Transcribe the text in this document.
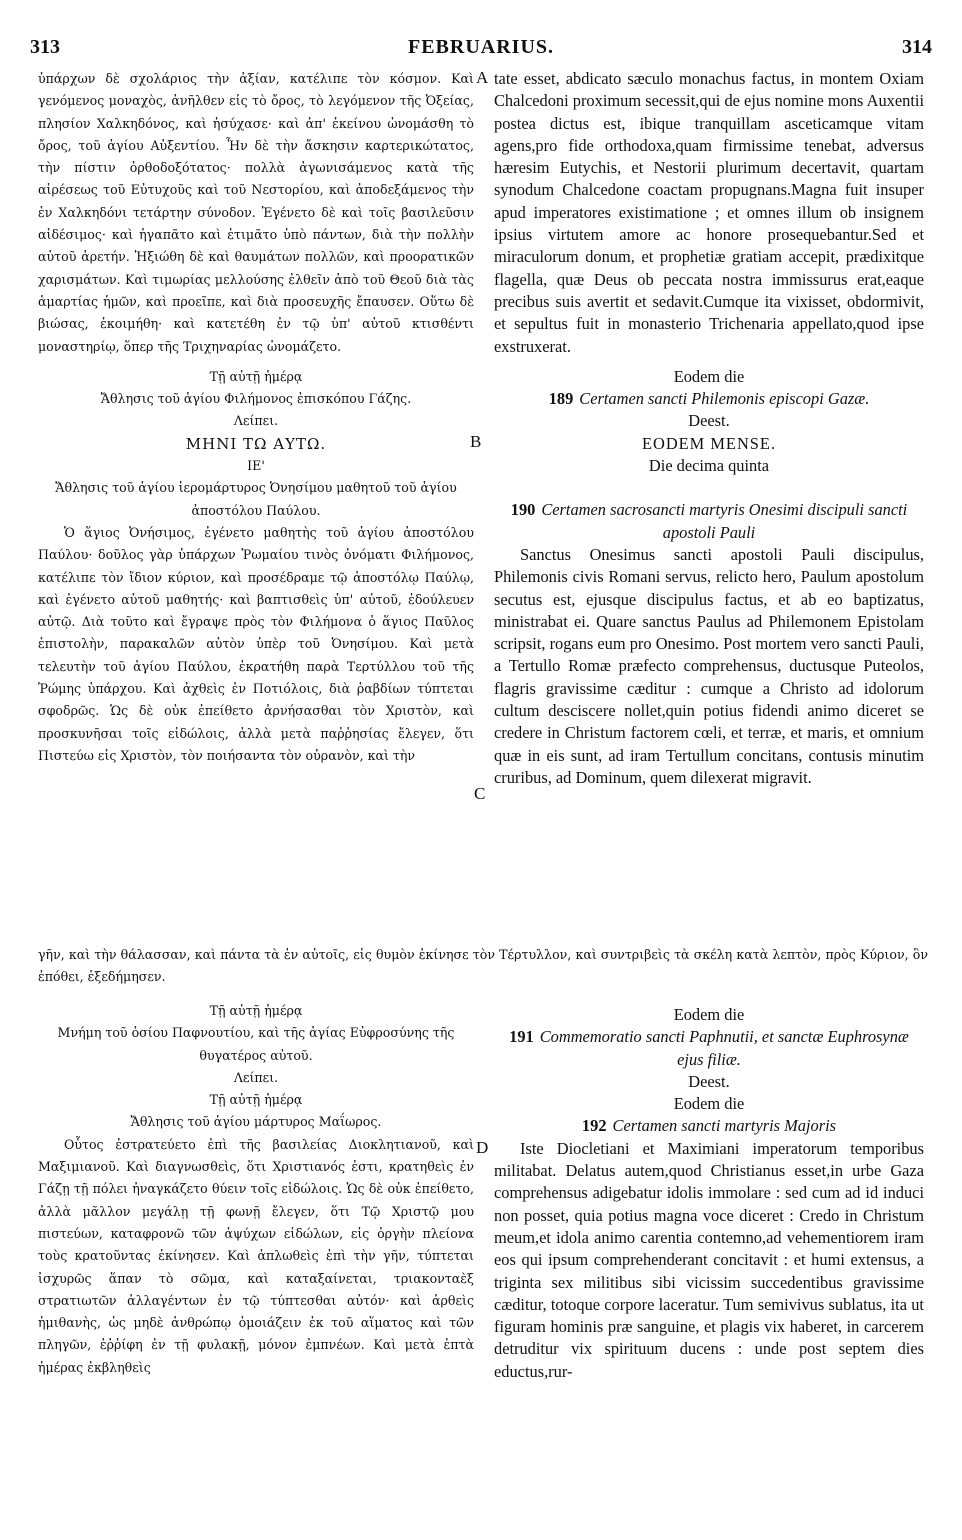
313	FEBRUARIUS.	314
A
B
C
D

ὑπάρχων δὲ σχολάριος τὴν ἀξίαν, κατέλιπε τὸν κόσμον. Καὶ γενόμενος μοναχὸς, ἀνῆλθεν εἰς τὸ ὄρος, τὸ λεγόμενον τῆς Ὀξείας, πλησίον Χαλκηδόνος, καὶ ἡσύχασε· καὶ ἀπ' ἐκείνου ὠνομάσθη τὸ ὄρος, τοῦ ἁγίου Αὐξεντίου. Ἦν δὲ τὴν ἄσκησιν καρτερικώτατος, τὴν πίστιν ὀρθοδοξότατος· πολλὰ ἀγωνισάμενος κατὰ τῆς αἱρέσεως τοῦ Εὐτυχοῦς καὶ τοῦ Νεστορίου, καὶ ἀποδεξάμενος τὴν ἐν Χαλκηδόνι τετάρτην σύνοδον. Ἐγένετο δὲ καὶ τοῖς βασιλεῦσιν αἰδέσιμος· καὶ ἠγαπᾶτο καὶ ἐτιμᾶτο ὑπὸ πάντων, διὰ τὴν πολλὴν αὐτοῦ ἀρετήν. Ἠξιώθη δὲ καὶ θαυμάτων πολλῶν, καὶ προορατικῶν χαρισμάτων. Καὶ τιμωρίας μελλούσης ἐλθεῖν ἀπὸ τοῦ Θεοῦ διὰ τὰς ἁμαρτίας ἡμῶν, καὶ προεῖπε, καὶ διὰ προσευχῆς ἔπαυσεν. Οὕτω δὲ βιώσας, ἐκοιμήθη· καὶ κατετέθη ἐν τῷ ὑπ' αὐτοῦ κτισθέντι μοναστηρίῳ, ὅπερ τῆς Τριχηναρίας ὠνομάζετο.

Τῇ αὐτῇ ἡμέρᾳ

Ἄθλησις τοῦ ἁγίου Φιλήμονος ἐπισκόπου Γάζης.

Λείπει.

ΜΗΝΙ ΤΩ ΑΥΤΩ.

ΙΕ'

Ἄθλησις τοῦ ἁγίου ἱερομάρτυρος Ὀνησίμου μαθητοῦ τοῦ ἁγίου ἀποστόλου Παύλου.

Ὁ ἅγιος Ὀνήσιμος, ἐγένετο μαθητὴς τοῦ ἁγίου ἀποστόλου Παύλου· δοῦλος γὰρ ὑπάρχων Ῥωμαίου τινὸς ὀνόματι Φιλήμονος, κατέλιπε τὸν ἴδιον κύριον, καὶ προσέδραμε τῷ ἀποστόλῳ Παύλῳ, καὶ ἐγένετο αὐτοῦ μαθητής· καὶ βαπτισθεὶς ὑπ' αὐτοῦ, ἐδούλευεν αὐτῷ. Διὰ τοῦτο καὶ ἔγραψε πρὸς τὸν Φιλήμονα ὁ ἅγιος Παῦλος ἐπιστολὴν, παρακαλῶν αὐτὸν ὑπὲρ τοῦ Ὀνησίμου. Καὶ μετὰ τελευτὴν τοῦ ἁγίου Παύλου, ἐκρατήθη παρὰ Τερτύλλου τοῦ τῆς Ῥώμης ὑπάρχου. Καὶ ἀχθεὶς ἐν Ποτιόλοις, διὰ ῥαβδίων τύπτεται σφοδρῶς. Ὡς δὲ οὐκ ἐπείθετο ἀρνήσασθαι τὸν Χριστὸν, καὶ προσκυνῆσαι τοῖς εἰδώλοις, ἀλλὰ μετὰ παῤῥησίας ἔλεγεν, ὅτι Πιστεύω εἰς Χριστὸν, τὸν ποιήσαντα τὸν οὐρανὸν, καὶ τὴν

tate esset, abdicato sæculo monachus factus, in montem Oxiam Chalcedoni proximum secessit,qui de ejus nomine mons Auxentii postea dictus est, ibique tranquillam asceticamque vitam agens,pro fide orthodoxa,quam firmissime tenebat, adversus hæresim Eutychis, et Nestorii plurimum decertavit, quartam synodum Chalcedone coactam propugnans.Magna fuit insuper apud imperatores existimatione ; et omnes illum ob insignem ipsius virtutem amore ac honore prosequebantur.Sed et miraculorum donum, et prophetiæ gratiam accepit, prædixitque flagella, quæ Deus ob peccata nostra immissurus erat,eaque precibus suis avertit et sedavit.Cumque ita vixisset, obdormivit, et sepultus fuit in monasterio Trichenaria appellato,quod ipse exstruxerat.

Eodem die

189 Certamen sancti Philemonis episcopi Gazæ.

Deest.

EODEM MENSE.

Die decima quinta

190 Certamen sacrosancti martyris Onesimi discipuli sancti apostoli Pauli

Sanctus Onesimus sancti apostoli Pauli discipulus, Philemonis civis Romani servus, relicto hero, Paulum apostolum secutus est, ejusque discipulus factus, et ab eo baptizatus, ministrabat ei. Quare sanctus Paulus ad Philemonem Epistolam scripsit, rogans eum pro Onesimo. Post mortem vero sancti Pauli, a Tertullo Romæ præfecto comprehensus, ductusque Puteolos, flagris gravissime cæditur : cumque a Christo ad idolorum cultum desciscere nollet,quin potius fidendi animo diceret se credere in Christum factorem cœli, et terræ, et maris, et omnium quæ in eis sunt, ad iram Tertullum concitans, contusis minutim cruribus, ad Dominum, quem dilexerat migravit.

γῆν, καὶ τὴν θάλασσαν, καὶ πάντα τὰ ἐν αὐτοῖς, εἰς θυμὸν ἐκίνησε τὸν Τέρτυλλον, καὶ συντριβεὶς τὰ σκέλη κατὰ λεπτὸν, πρὸς Κύριον, ὃν ἐπόθει, ἐξεδήμησεν.

Τῇ αὐτῇ ἡμέρᾳ

Μνήμη τοῦ ὁσίου Παφνουτίου, καὶ τῆς ἁγίας Εὐφροσύνης τῆς θυγατέρος αὐτοῦ.

Λείπει.

Τῇ αὐτῇ ἡμέρᾳ

Ἄθλησις τοῦ ἁγίου μάρτυρος Μαΐωρος.

Οὗτος ἐστρατεύετο ἐπὶ τῆς βασιλείας Διοκλητιανοῦ, καὶ Μαξιμιανοῦ. Καὶ διαγνωσθεὶς, ὅτι Χριστιανός ἐστι, κρατηθεὶς ἐν Γάζῃ τῇ πόλει ἠναγκάζετο θύειν τοῖς εἰδώλοις. Ὡς δὲ οὐκ ἐπείθετο, ἀλλὰ μᾶλλον μεγάλῃ τῇ φωνῇ ἔλεγεν, ὅτι Τῷ Χριστῷ μου πιστεύων, καταφρονῶ τῶν ἀψύχων εἰδώλων, εἰς ὀργὴν πλείονα τοὺς κρατοῦντας ἐκίνησεν. Καὶ ἁπλωθεὶς ἐπὶ τὴν γῆν, τύπτεται ἰσχυρῶς ἅπαν τὸ σῶμα, καὶ καταξαίνεται, τριακονταὲξ στρατιωτῶν ἀλλαγέντων ἐν τῷ τύπτεσθαι αὐτόν· καὶ ἀρθεὶς ἡμιθανὴς, ὡς μηδὲ ἀνθρώπῳ ὁμοιάζειν ἐκ τοῦ αἵματος καὶ τῶν πληγῶν, ἐῤῥίφη ἐν τῇ φυλακῇ, μόνον ἐμπνέων. Καὶ μετὰ ἑπτὰ ἡμέρας ἐκβληθεὶς

Eodem die

191 Commemoratio sancti Paphnutii, et sanctæ Euphrosynæ ejus filiæ.

Deest.

Eodem die

192 Certamen sancti martyris Majoris

Iste Diocletiani et Maximiani imperatorum temporibus militabat. Delatus autem,quod Christianus esset,in urbe Gaza comprehensus adigebatur idolis immolare : sed cum ad id induci non posset, quia potius magna voce diceret : Credo in Christum meum,et idola animo carentia contemno,ad vehementiorem iram eos qui ipsum comprehenderant concitavit : et humi extensus, a triginta sex militibus sibi vicissim succedentibus gravissime cæditur, totoque corpore laceratur. Tum semivivus sublatus, ita ut figuram hominis præ sanguine, et plagis vix haberet, in carcerem detruditur vix spirituum ducens : unde post septem dies eductus,rur-
